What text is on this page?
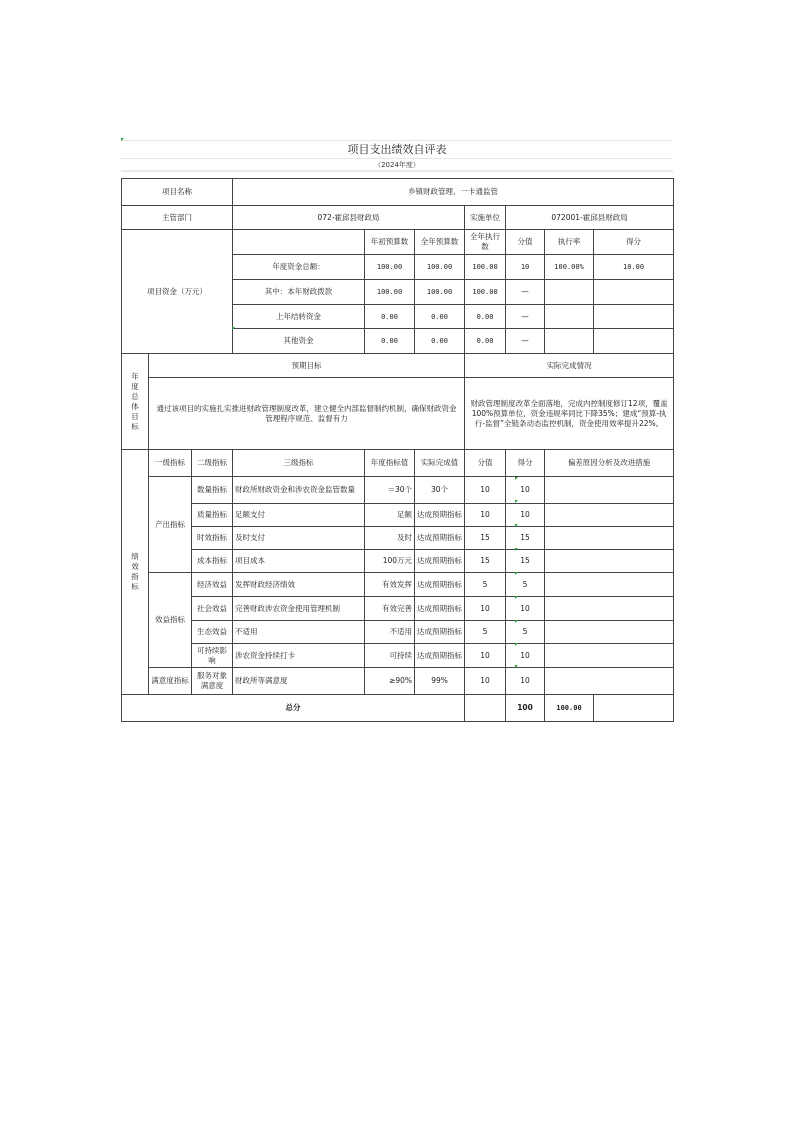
项目支出绩效自评表
（2024年度）
项目名称			乡镇财政管理、一卡通监管						
主管部门			072-霍邱县财政局			实施单位	072001-霍邱县财政局		
项目资金（万元）				年初预算数	全年预算数	全年执行数	分值	执行率	得分
			年度资金总额：	100.00	100.00	100.00	10	100.00%	10.00
			其中：本年财政拨款	100.00	100.00	100.00	—		
			上年结转资金	0.00	0.00	0.00	—		
			其他资金	0.00	0.00	0.00	—		
年度总体目标	预期目标					实际完成情况			
	通过该项目的实施扎实推进财政管理制度改革，建立健全内部监督制约机制，确保财政资金管理程序规范、监督有力					财政管理制度改革全面落地，完成内控制度修订12项，覆盖100%预算单位，资金违规率同比下降35%；建成“预算-执行-监督”全链条动态监控机制，资金使用效率提升22%。			
绩效指标	一级指标	二级指标	三级指标	年度指标值	实际完成值	分值	得分	偏差原因分析及改进措施	
	产出指标	数量指标	财政所财政资金和涉农资金监管数量	＝30个	30个	10	10		
		质量指标	足额支付	足额	达成预期指标	10	10		
		时效指标	及时支付	及时	达成预期指标	15	15		
		成本指标	项目成本	100万元	达成预期指标	15	15		
	效益指标	经济效益	发挥财政经济绩效	有效发挥	达成预期指标	5	5		
		社会效益	完善财政涉农资金使用管理机制	有效完善	达成预期指标	10	10		
		生态效益	不适用	不适用	达成预期指标	5	5		
		可持续影响	涉农资金持续打卡	可持续	达成预期指标	10	10		
	满意度指标	服务对象满意度	财政所等满意度	≥90%	99%	10	10		
总分							100	100.00	
